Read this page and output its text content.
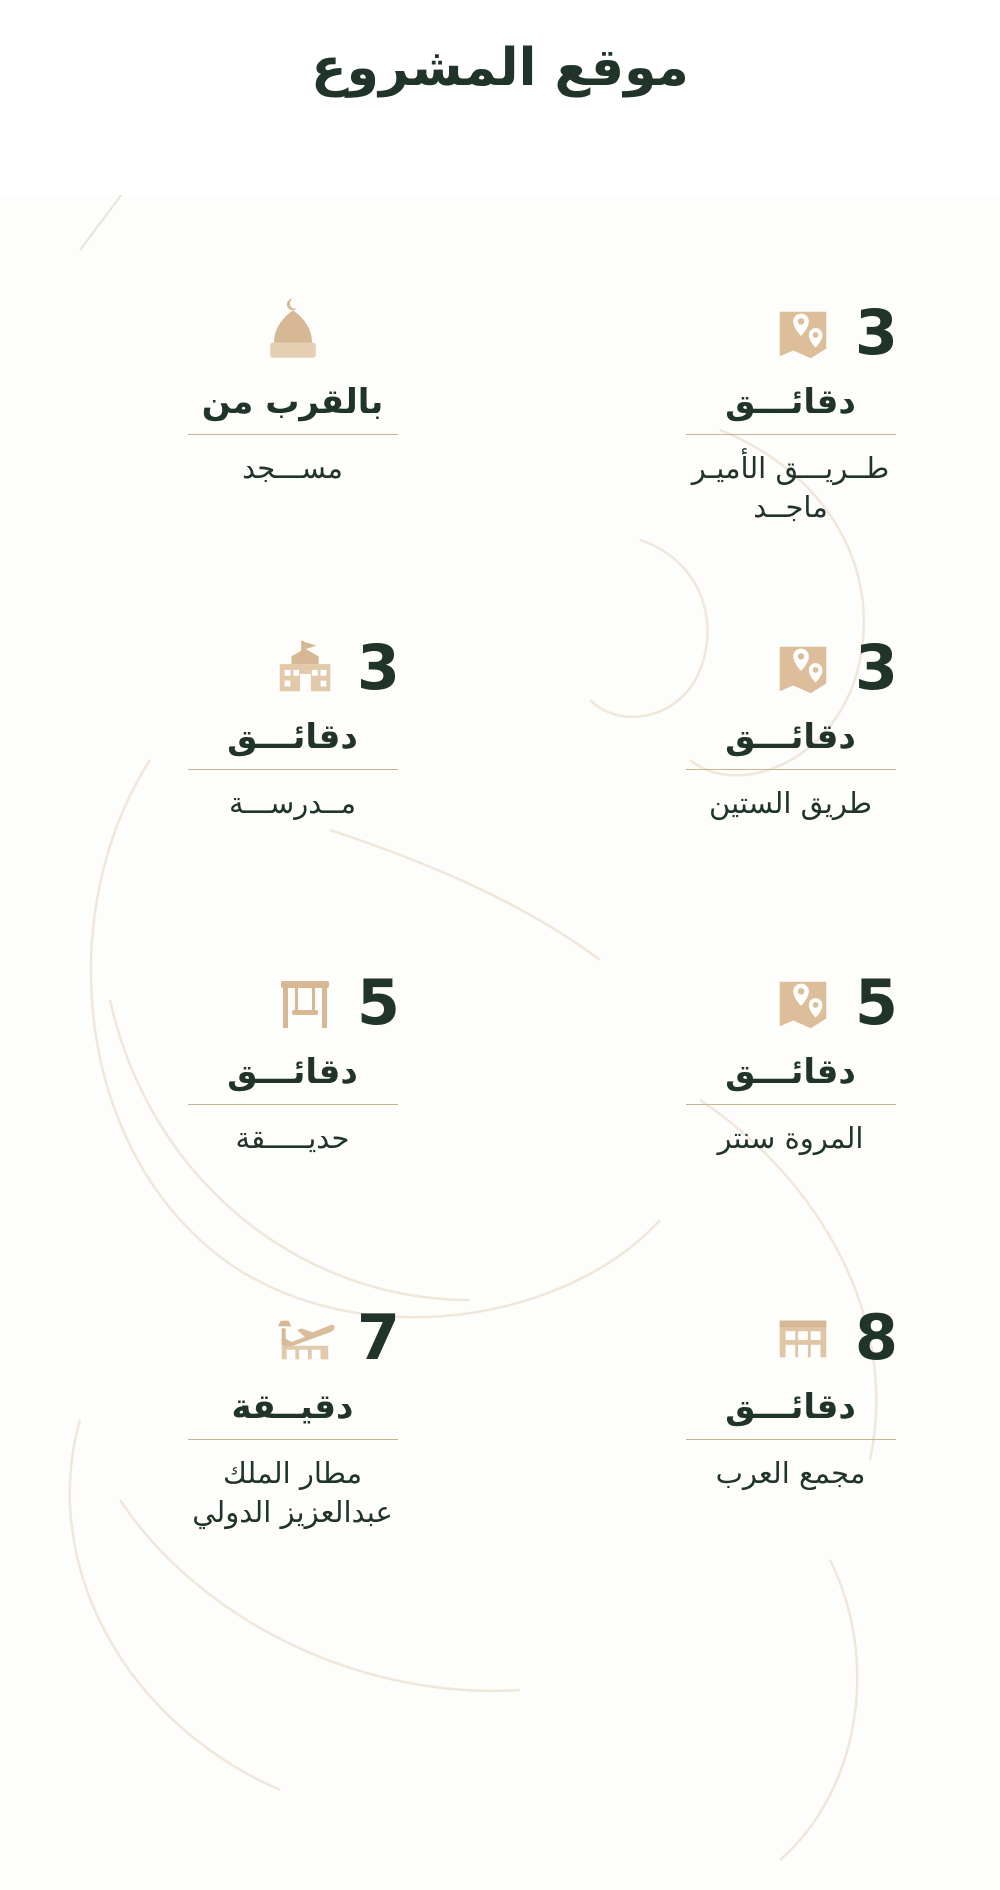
موقع المشروع
3
دقائـــق
طــريـــق الأميـر ماجــد
بالقرب من
مســـجد
3
دقائـــق
طريق الستين
3
دقائـــق
مــدرســـة
5
دقائـــق
المروة سنتر
5
دقائـــق
حديـــــقة
8
دقائـــق
مجمع العرب
7
دقيــقة
مطار الملك عبدالعزيز الدولي
